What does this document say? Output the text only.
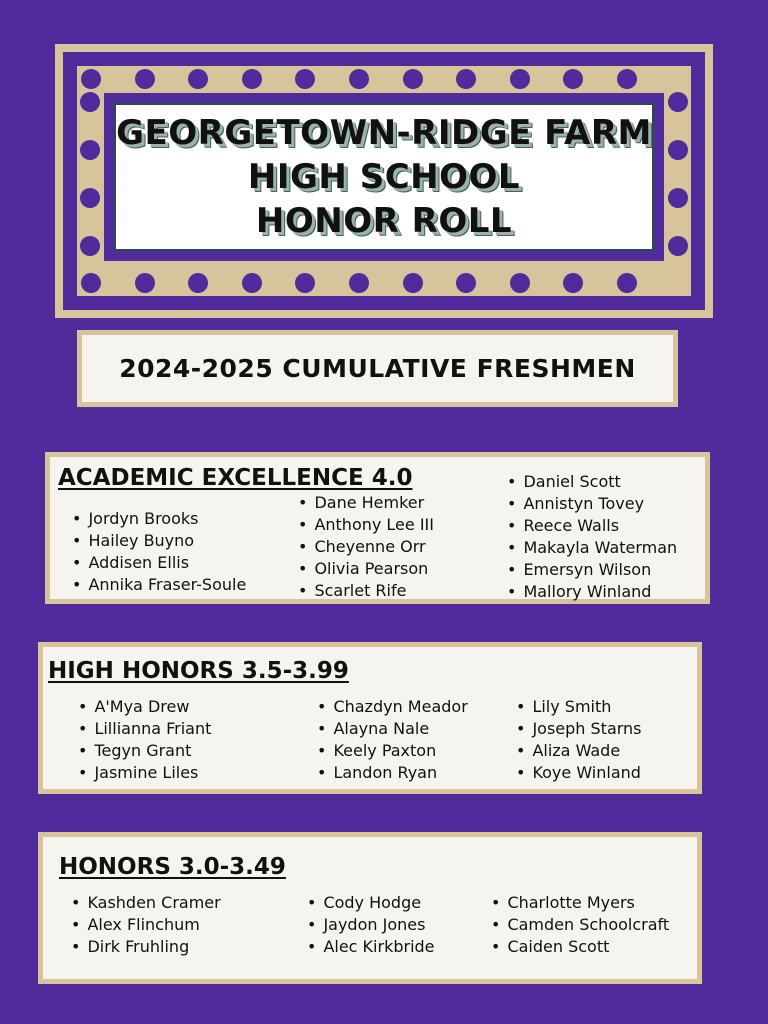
GEORGETOWN-RIDGE FARM
HIGH SCHOOL
HONOR ROLL
2024-2025 CUMULATIVE FRESHMEN
ACADEMIC EXCELLENCE 4.0
• Jordyn Brooks
• Hailey Buyno
• Addisen Ellis
• Annika Fraser-Soule
• Dane Hemker
• Anthony Lee III
• Cheyenne Orr
• Olivia Pearson
• Scarlet Rife
• Daniel Scott
• Annistyn Tovey
• Reece Walls
• Makayla Waterman
• Emersyn Wilson
• Mallory Winland
HIGH HONORS 3.5-3.99
• A'Mya Drew
• Lillianna Friant
• Tegyn Grant
• Jasmine Liles
• Chazdyn Meador
• Alayna Nale
• Keely Paxton
• Landon Ryan
• Lily Smith
• Joseph Starns
• Aliza Wade
• Koye Winland
HONORS 3.0-3.49
• Kashden Cramer
• Alex Flinchum
• Dirk Fruhling
• Cody Hodge
• Jaydon Jones
• Alec Kirkbride
• Charlotte Myers
• Camden Schoolcraft
• Caiden Scott
